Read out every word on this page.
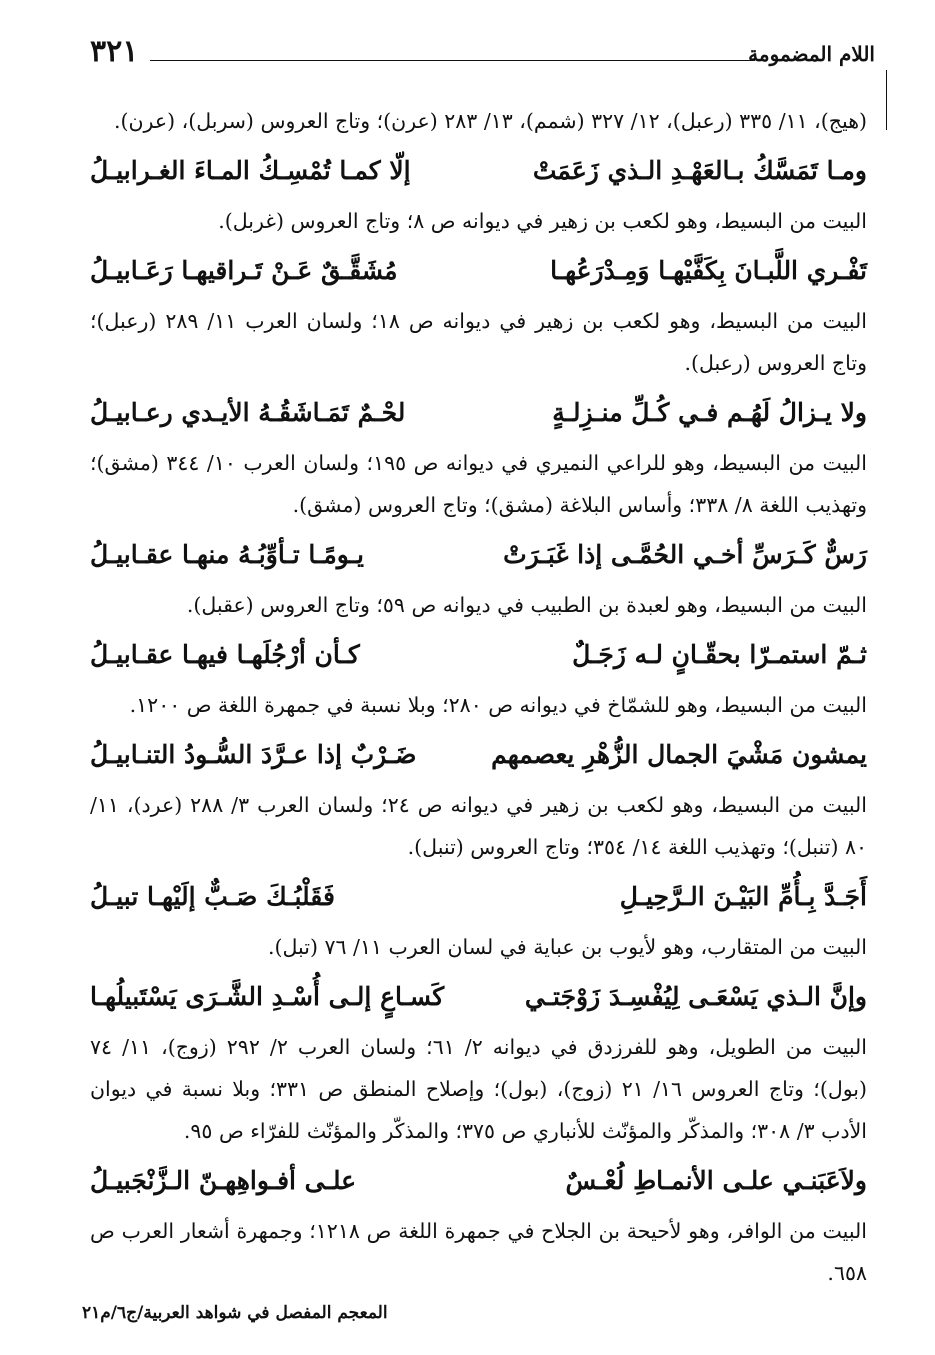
اللام المضمومة
٣٢١

(هيج)، ١١/ ٣٣٥ (رعبل)، ١٢/ ٣٢٧ (شمم)، ١٣/ ٢٨٣ (عرن)؛ وتاج العروس (سربل)، (عرن).

ومـا تَمَسَّكُ بـالعَهْـدِ الـذي زَعَمَتْ
إلّا كمـا تُمْسِـكُ المـاءَ الغـرابيـلُ

البيت من البسيط، وهو لكعب بن زهير في ديوانه ص ٨؛ وتاج العروس (غربل).

تَفْـري اللَّبـانَ بِكَفَّيْهـا وَمِـدْرَعُهـا
مُشَقَّـقٌ عَـنْ تَـراقيهـا رَعَـابيـلُ

البيت من البسيط، وهو لكعب بن زهير في ديوانه ص ١٨؛ ولسان العرب ١١/ ٢٨٩ (رعبل)؛ وتاج العروس (رعبل).

ولا يـزالُ لَهُـم فـي كُـلِّ منـزِلـةٍ
لحْـمٌ تَمَـاشَقُـهُ الأيـدي رعـابيـلُ

البيت من البسيط، وهو للراعي النميري في ديوانه ص ١٩٥؛ ولسان العرب ١٠/ ٣٤٤ (مشق)؛ وتهذيب اللغة ٨/ ٣٣٨؛ وأساس البلاغة (مشق)؛ وتاج العروس (مشق).

رَسٌّ كَـرَسِّ أخـي الحُمَّـى إذا غَبَـرَتْ
يـومًـا تـأوِّبُـهُ منهـا عقـابيـلُ

البيت من البسيط، وهو لعبدة بن الطبيب في ديوانه ص ٥٩؛ وتاج العروس (عقبل).

ثـمّ استمـرّا بحقّـانٍ لـه زَجَـلٌ
كـأن أرْجُلَهـا فيهـا عقـابيـلُ

البيت من البسيط، وهو للشمّاخ في ديوانه ص ٢٨٠؛ وبلا نسبة في جمهرة اللغة ص ١٢٠٠.

يمشون مَشْيَ الجمال الزُّهْرِ يعصمهم
ضَـرْبٌ إذا عـرَّدَ السُّـودُ التنـابيـلُ

البيت من البسيط، وهو لكعب بن زهير في ديوانه ص ٢٤؛ ولسان العرب ٣/ ٢٨٨ (عرد)، ١١/ ٨٠ (تنبل)؛ وتهذيب اللغة ١٤/ ٣٥٤؛ وتاج العروس (تنبل).

أَجَـدَّ بِـأُمِّ البَيْـنَ الـرَّحِيـلِ
فَقَلْبُـكَ صَـبٌّ إلَيْهـا تبيـلُ

البيت من المتقارب، وهو لأيوب بن عباية في لسان العرب ١١/ ٧٦ (تبل).

وإنَّ الـذي يَسْعَـى لِيُفْسِـدَ زَوْجَتـي
كَسـاعٍ إلـى أُسْـدِ الشَّـرَى يَسْتَبيلُهـا

البيت من الطويل، وهو للفرزدق في ديوانه ٢/ ٦١؛ ولسان العرب ٢/ ٢٩٢ (زوج)، ١١/ ٧٤ (بول)؛ وتاج العروس ١٦/ ٢١ (زوج)، (بول)؛ وإصلاح المنطق ص ٣٣١؛ وبلا نسبة في ديوان الأدب ٣/ ٣٠٨؛ والمذكّر والمؤنّث للأنباري ص ٣٧٥؛ والمذكّر والمؤنّث للفرّاء ص ٩٥.

ولاَعَبَنـي علـى الأنمـاطِ لُعْـسٌ
علـى أفـواهِهـنّ الـزَّنْجَبيـلُ

البيت من الوافر، وهو لأحيحة بن الجلاح في جمهرة اللغة ص ١٢١٨؛ وجمهرة أشعار العرب ص ٦٥٨.

المعجم المفصل في شواهد العربية/ج٦/م٢١
